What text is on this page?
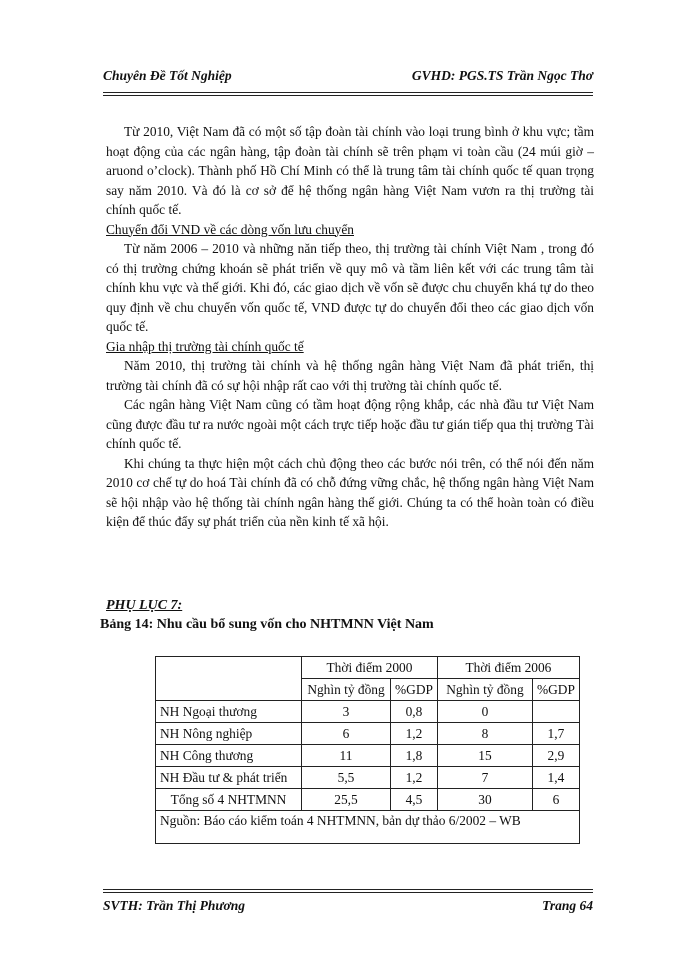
Chuyên Đề Tốt Nghiệp	GVHD: PGS.TS Trần Ngọc Thơ

Từ 2010, Việt Nam đã có một số tập đoàn tài chính vào loại trung bình ở khu vực; tầm hoạt động của các ngân hàng, tập đoàn tài chính sẽ trên phạm vi toàn cầu (24 múi giờ – aruond o’clock). Thành phố Hồ Chí Minh có thể là trung tâm tài chính quốc tế quan trọng say năm 2010. Và đó là cơ sở để hệ thống ngân hàng Việt Nam vươn ra thị trường tài chính quốc tế.

Chuyển đổi VND về các dòng vốn lưu chuyển

Từ năm 2006 – 2010 và những năn tiếp theo, thị trường tài chính Việt Nam , trong đó có thị trường chứng khoán sẽ phát triển về quy mô và tầm liên kết với các trung tâm tài chính khu vực và thế giới. Khi đó, các giao dịch về vốn sẽ được chu chuyển khá tự do theo quy định về chu chuyển vốn quốc tế, VND được tự do chuyển đổi theo các giao dịch vốn quốc tế.

Gia nhập thị trường tài chính quốc tế

Năm 2010, thị trường tài chính và hệ thống ngân hàng Việt Nam đã phát triển, thị trường tài chính đã có sự hội nhập rất cao với thị trường tài chính quốc tế.

Các ngân hàng Việt Nam cũng có tầm hoạt động rộng khắp, các nhà đầu tư Việt Nam cũng được đầu tư ra nước ngoài một cách trực tiếp hoặc đầu tư gián tiếp qua thị trường Tài chính quốc tế.

Khi chúng ta thực hiện một cách chủ động theo các bước nói trên, có thể nói đến năm 2010 cơ chế tự do hoá Tài chính đã có chỗ đứng vững chắc, hệ thống ngân hàng Việt Nam sẽ hội nhập vào hệ thống tài chính ngân hàng thế giới. Chúng ta có thể hoàn toàn có điều kiện để thúc đẩy sự phát triển của nền kinh tế xã hội.

PHỤ LỤC 7:
Bảng 14: Nhu cầu bổ sung vốn cho NHTMNN Việt Nam
	Thời điểm 2000		Thời điểm 2006	
	Nghìn tỷ đồng	%GDP	Nghìn tỷ đồng	%GDP
NH Ngoại thương	3	0,8	0	
NH Nông nghiệp	6	1,2	8	1,7
NH Công thương	11	1,8	15	2,9
NH Đầu tư & phát triển	5,5	1,2	7	1,4
Tổng số 4 NHTMNN	25,5	4,5	30	6
Nguồn: Báo cáo kiểm toán 4 NHTMNN, bản dự thảo 6/2002 – WB				
SVTH: Trần Thị Phương	Trang 64
